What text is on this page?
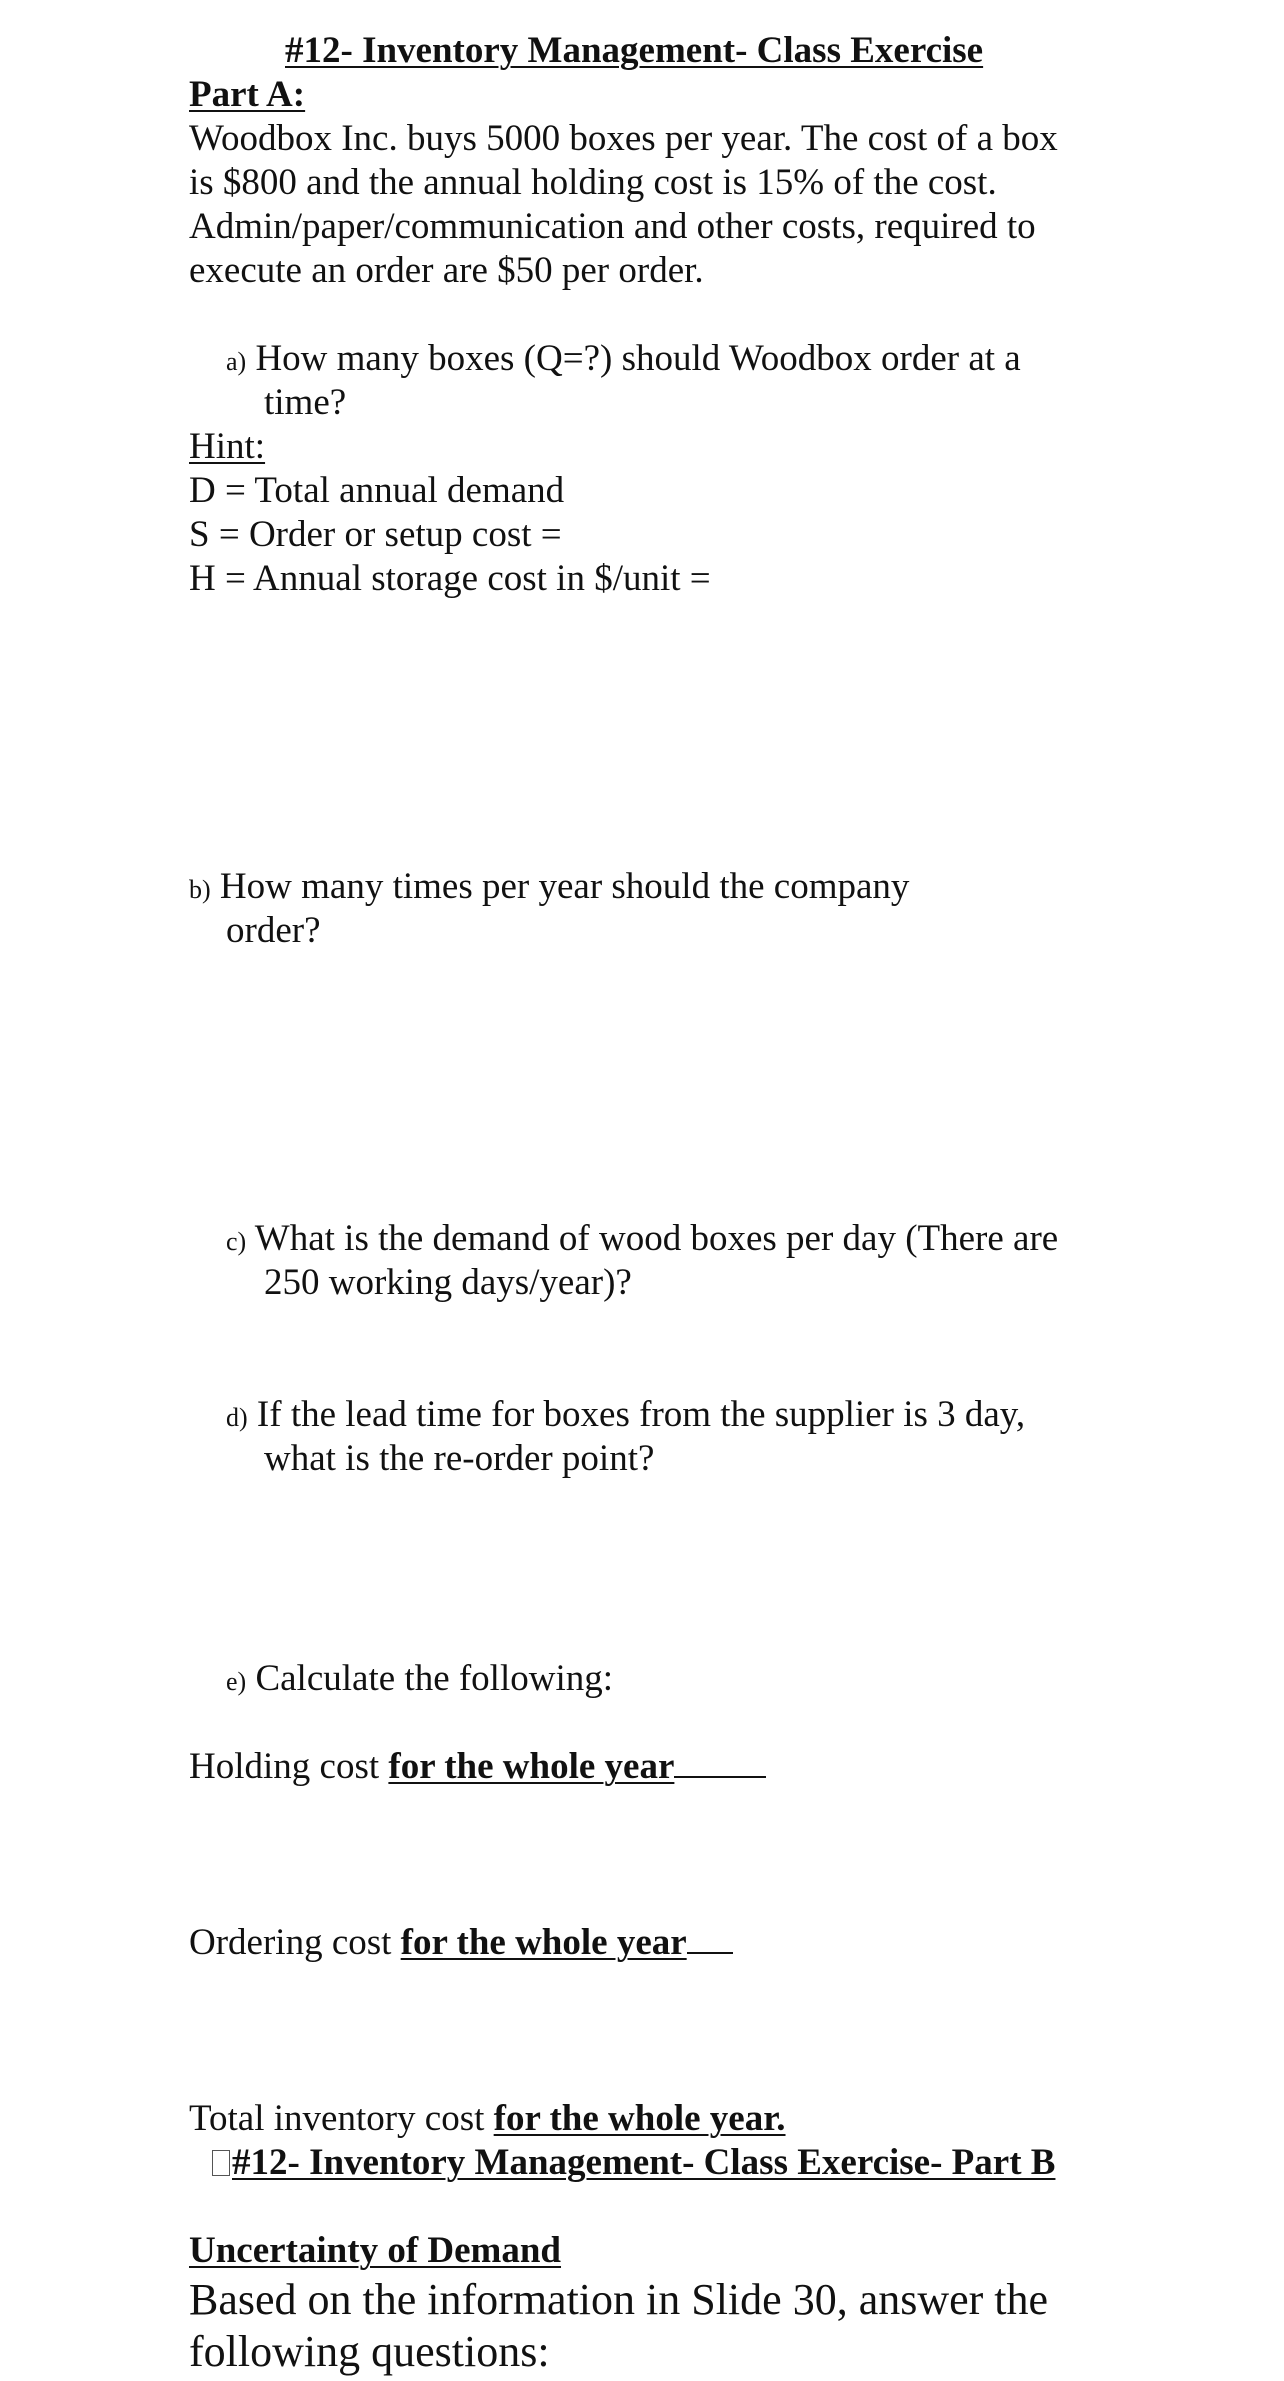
#12- Inventory Management- Class Exercise
Part A:
Woodbox Inc. buys 5000 boxes per year. The cost of a box
is $800 and the annual holding cost is 15% of the cost.
Admin/paper/communication and other costs, required to
execute an order are $50 per order.
a) How many boxes (Q=?) should Woodbox order at a
time?
Hint:
D = Total annual demand
S = Order or setup cost =
H = Annual storage cost in $/unit =
b) How many times per year should the company
order?
c) What is the demand of wood boxes per day (There are
250 working days/year)?
d) If the lead time for boxes from the supplier is 3 day,
what is the re-order point?
e) Calculate the following:
Holding cost for the whole year
Ordering cost for the whole year
Total inventory cost for the whole year.
#12- Inventory Management- Class Exercise- Part B
Uncertainty of Demand
Based on the information in Slide 30, answer the
following questions:
